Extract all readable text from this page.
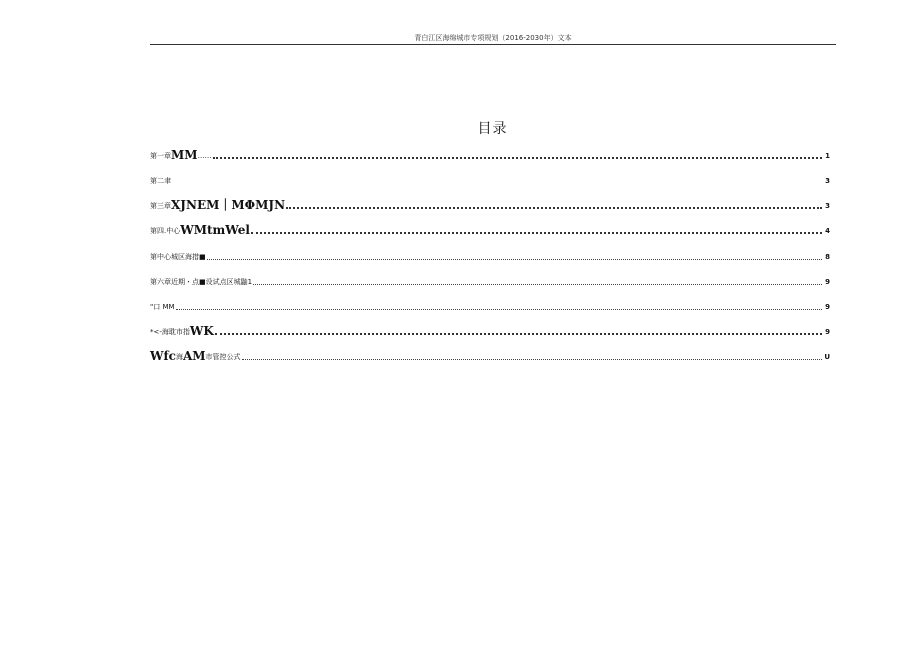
青白江区海绵城市专项规划（2016-2030年）文本
目录
第一章 MM ……	1
第二聿	3
第三章 XJNEM｜MΦMJN	3
第四.中心 WMtmWel	4
第中心城区海措■	8
第六章近期・点■设试点区城鼬1	9
"口 MM	9
*<-海耽市指 WK	9
Wfc 海 AM 市管控公式	U
